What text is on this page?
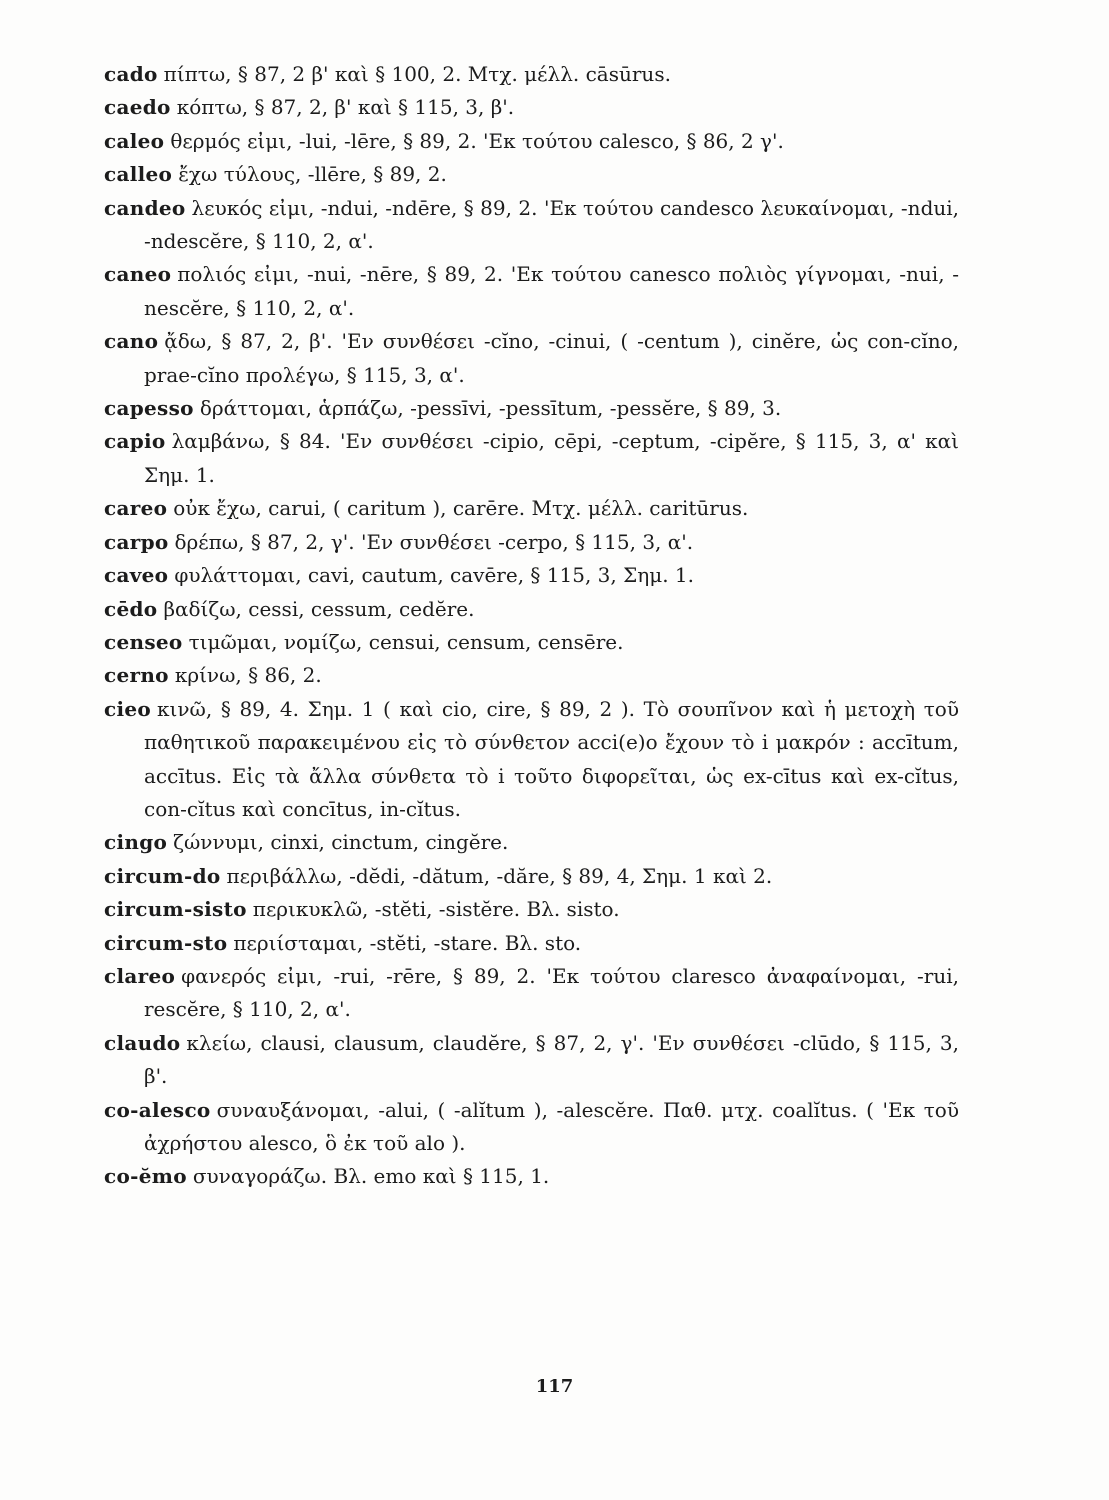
cado πίπτω, § 87, 2 β' καὶ § 100, 2. Μτχ. μέλλ. cāsūrus.

caedo κόπτω, § 87, 2, β' καὶ § 115, 3, β'.

caleo θερμός εἰμι, -lui, -lēre, § 89, 2. 'Εκ τούτου calesco, § 86, 2 γ'.

calleo ἔχω τύλους, -llēre, § 89, 2.

candeo λευκός εἰμι, -ndui, -ndēre, § 89, 2. 'Εκ τούτου candesco λευκαίνομαι, -ndui, -ndescĕre, § 110, 2, α'.

caneo πολιός εἰμι, -nui, -nēre, § 89, 2. 'Εκ τούτου canesco πολιὸς γίγνομαι, -nui, -nescĕre, § 110, 2, α'.

cano ᾄδω, § 87, 2, β'. 'Εν συνθέσει -cĭno, -cinui, ( -centum ), cinĕre, ὡς con-cĭno, prae-cĭno προλέγω, § 115, 3, α'.

capesso δράττομαι, ἁρπάζω, -pessīvi, -pessītum, -pessĕre, § 89, 3.

capio λαμβάνω, § 84. 'Εν συνθέσει -cipio, cēpi, -ceptum, -cipĕre, § 115, 3, α' καὶ Σημ. 1.

careo οὐκ ἔχω, carui, ( caritum ), carēre. Μτχ. μέλλ. caritūrus.

carpo δρέπω, § 87, 2, γ'. 'Εν συνθέσει -cerpo, § 115, 3, α'.

caveo φυλάττομαι, cavi, cautum, cavēre, § 115, 3, Σημ. 1.

cēdo βαδίζω, cessi, cessum, cedĕre.

censeo τιμῶμαι, νομίζω, censui, censum, censēre.

cerno κρίνω, § 86, 2.

cieo κινῶ, § 89, 4. Σημ. 1 ( καὶ cio, cire, § 89, 2 ). Τὸ σουπῖνον καὶ ἡ μετοχὴ τοῦ παθητικοῦ παρακειμένου εἰς τὸ σύνθετον acci(e)o ἔχουν τὸ i μακρόν : accītum, accītus. Εἰς τὰ ἄλλα σύνθετα τὸ i τοῦτο διφορεῖται, ὡς ex-cītus καὶ ex-cĭtus, con-cĭtus καὶ concītus, in-cĭtus.

cingo ζώννυμι, cinxi, cinctum, cingĕre.

circum-do περιβάλλω, -dĕdi, -dătum, -dăre, § 89, 4, Σημ. 1 καὶ 2.

circum-sisto περικυκλῶ, -stĕti, -sistĕre. Βλ. sisto.

circum-sto περιίσταμαι, -stĕti, -stare. Βλ. sto.

clareo φανερός εἰμι, -rui, -rēre, § 89, 2. 'Εκ τούτου claresco ἀναφαίνομαι, -rui, rescĕre, § 110, 2, α'.

claudo κλείω, clausi, clausum, claudĕre, § 87, 2, γ'. 'Εν συνθέσει -clūdo, § 115, 3, β'.

co-alesco συναυξάνομαι, -alui, ( -alĭtum ), -alescĕre. Παθ. μτχ. coalĭtus. ( 'Εκ τοῦ ἀχρήστου alesco, ὃ ἐκ τοῦ alo ).

co-ĕmo συναγοράζω. Βλ. emo καὶ § 115, 1.

117
